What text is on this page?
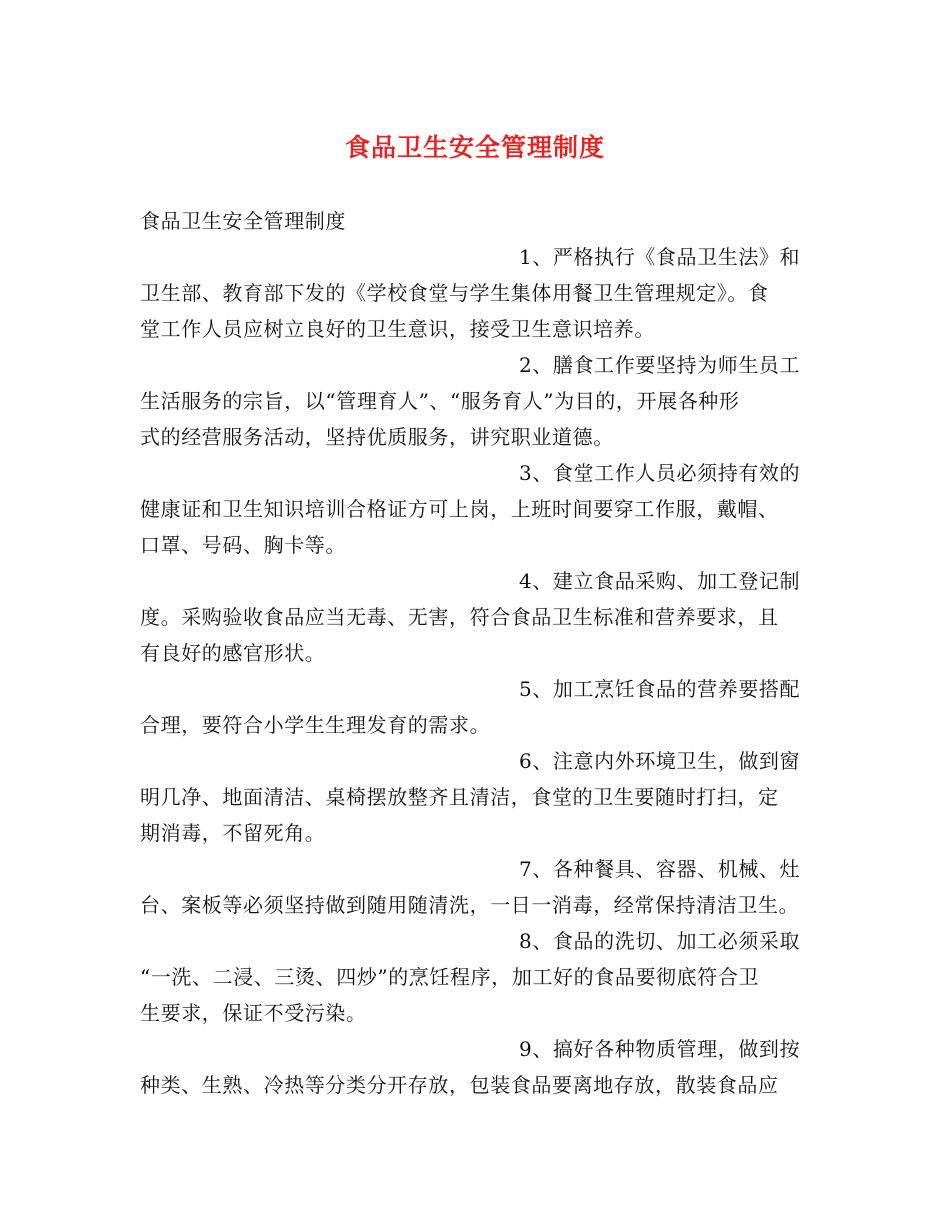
食品卫生安全管理制度
食品卫生安全管理制度
1、严格执行《食品卫生法》和
卫生部、教育部下发的《学校食堂与学生集体用餐卫生管理规定》。食
堂工作人员应树立良好的卫生意识，接受卫生意识培养。
2、膳食工作要坚持为师生员工
生活服务的宗旨，以“管理育人”、“服务育人”为目的，开展各种形
式的经营服务活动，坚持优质服务，讲究职业道德。
3、食堂工作人员必须持有效的
健康证和卫生知识培训合格证方可上岗，上班时间要穿工作服，戴帽、
口罩、号码、胸卡等。
4、建立食品采购、加工登记制
度。采购验收食品应当无毒、无害，符合食品卫生标准和营养要求，且
有良好的感官形状。
5、加工烹饪食品的营养要搭配
合理，要符合小学生生理发育的需求。
6、注意内外环境卫生，做到窗
明几净、地面清洁、桌椅摆放整齐且清洁，食堂的卫生要随时打扫，定
期消毒，不留死角。
7、各种餐具、容器、机械、灶
台、案板等必须坚持做到随用随清洗，一日一消毒，经常保持清洁卫生。
8、食品的洗切、加工必须采取
“一洗、二浸、三烫、四炒”的烹饪程序，加工好的食品要彻底符合卫
生要求，保证不受污染。
9、搞好各种物质管理，做到按
种类、生熟、冷热等分类分开存放，包装食品要离地存放，散装食品应
